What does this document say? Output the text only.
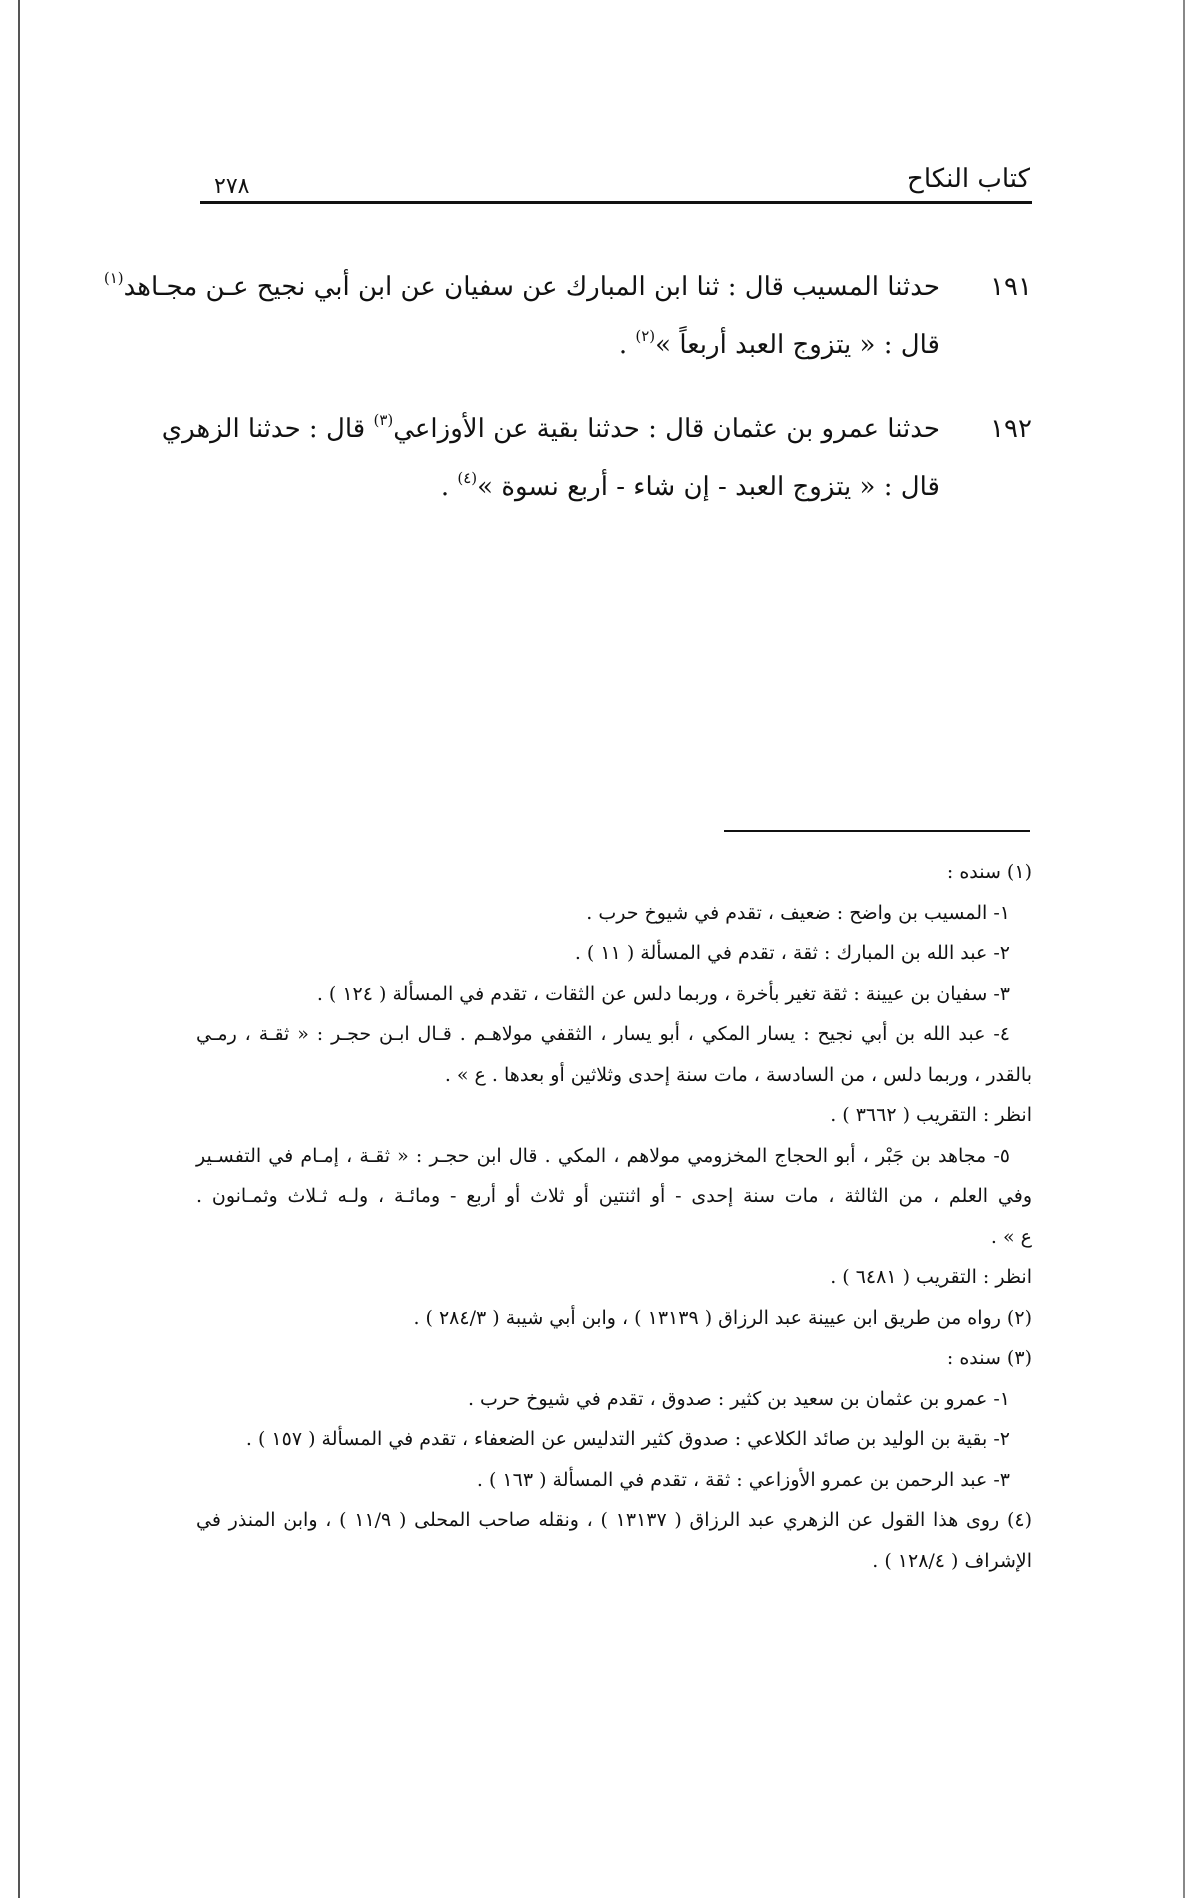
كتاب النكاح
٢٧٨
١٩١
حدثنا المسيب قال : ثنا ابن المبارك عن سفيان عن ابن أبي نجيح عـن مجـاهد$^{(١)}$
قال : « يتزوج العبد أربعاً »$^{(٢)}$ .
١٩٢
حدثنا عمرو بن عثمان قال : حدثنا بقية عن الأوزاعي$^{(٣)}$ قال : حدثنا الزهري
قال : « يتزوج العبد - إن شاء - أربع نسوة »$^{(٤)}$ .
(١) سنده :
١- المسيب بن واضح : ضعيف ، تقدم في شيوخ حرب .
٢- عبد الله بن المبارك : ثقة ، تقدم في المسألة ( ١١ ) .
٣- سفيان بن عيينة : ثقة تغير بأخرة ، وربما دلس عن الثقات ، تقدم في المسألة ( ١٢٤ ) .
٤- عبد الله بن أبي نجيح : يسار المكي ، أبو يسار ، الثقفي مولاهـم . قـال ابـن حجـر : « ثقـة ، رمـي
بالقدر ، وربما دلس ، من السادسة ، مات سنة إحدى وثلاثين أو بعدها . ع » .
انظر : التقريب ( ٣٦٦٢ ) .
٥- مجاهد بن جَبْر ، أبو الحجاج المخزومي مولاهم ، المكي . قال ابن حجـر : « ثقـة ، إمـام في التفسـير
وفي العلم ، من الثالثة ، مات سنة إحدى - أو اثنتين أو ثلاث أو أربع - ومائـة ، ولـه ثـلاث وثمـانون .
ع » .
انظر : التقريب ( ٦٤٨١ ) .
(٢) رواه من طريق ابن عيينة عبد الرزاق ( ١٣١٣٩ ) ، وابن أبي شيبة ( ٢٨٤/٣ ) .
(٣) سنده :
١- عمرو بن عثمان بن سعيد بن كثير : صدوق ، تقدم في شيوخ حرب .
٢- بقية بن الوليد بن صائد الكلاعي : صدوق كثير التدليس عن الضعفاء ، تقدم في المسألة ( ١٥٧ ) .
٣- عبد الرحمن بن عمرو الأوزاعي : ثقة ، تقدم في المسألة ( ١٦٣ ) .
(٤) روى هذا القول عن الزهري عبد الرزاق ( ١٣١٣٧ ) ، ونقله صاحب المحلى ( ١١/٩ ) ، وابن المنذر في
الإشراف ( ١٢٨/٤ ) .
